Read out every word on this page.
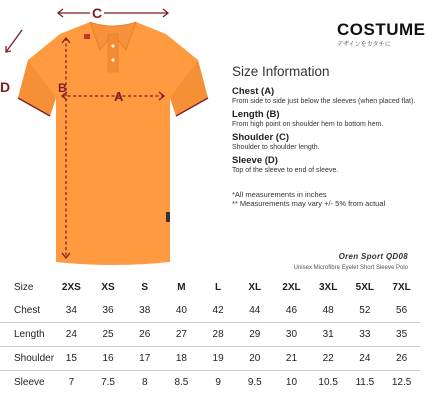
C
D	B
A
COSTUME
デザインをカタチに
Size Information
Chest (A)
From side to side just below the sleeves (when placed flat).
Length (B)
From high point on shoulder hem to bottom hem.
Shoulder (C)
Shoulder to shoulder length.
Sleeve (D)
Top of the sleeve to end of sleeve.
*All measurements in inches
** Measurements may vary +/- 5% from actual
Oren Sport QD08
Unisex Microfibre Eyelet Short Sleeve Polo
Size	2XS	XS	S	M	L	XL	2XL	3XL	5XL	7XL
Chest	34	36	38	40	42	44	46	48	52	56
Length	24	25	26	27	28	29	30	31	33	35
Shoulder	15	16	17	18	19	20	21	22	24	26
Sleeve	7	7.5	8	8.5	9	9.5	10	10.5	11.5	12.5
